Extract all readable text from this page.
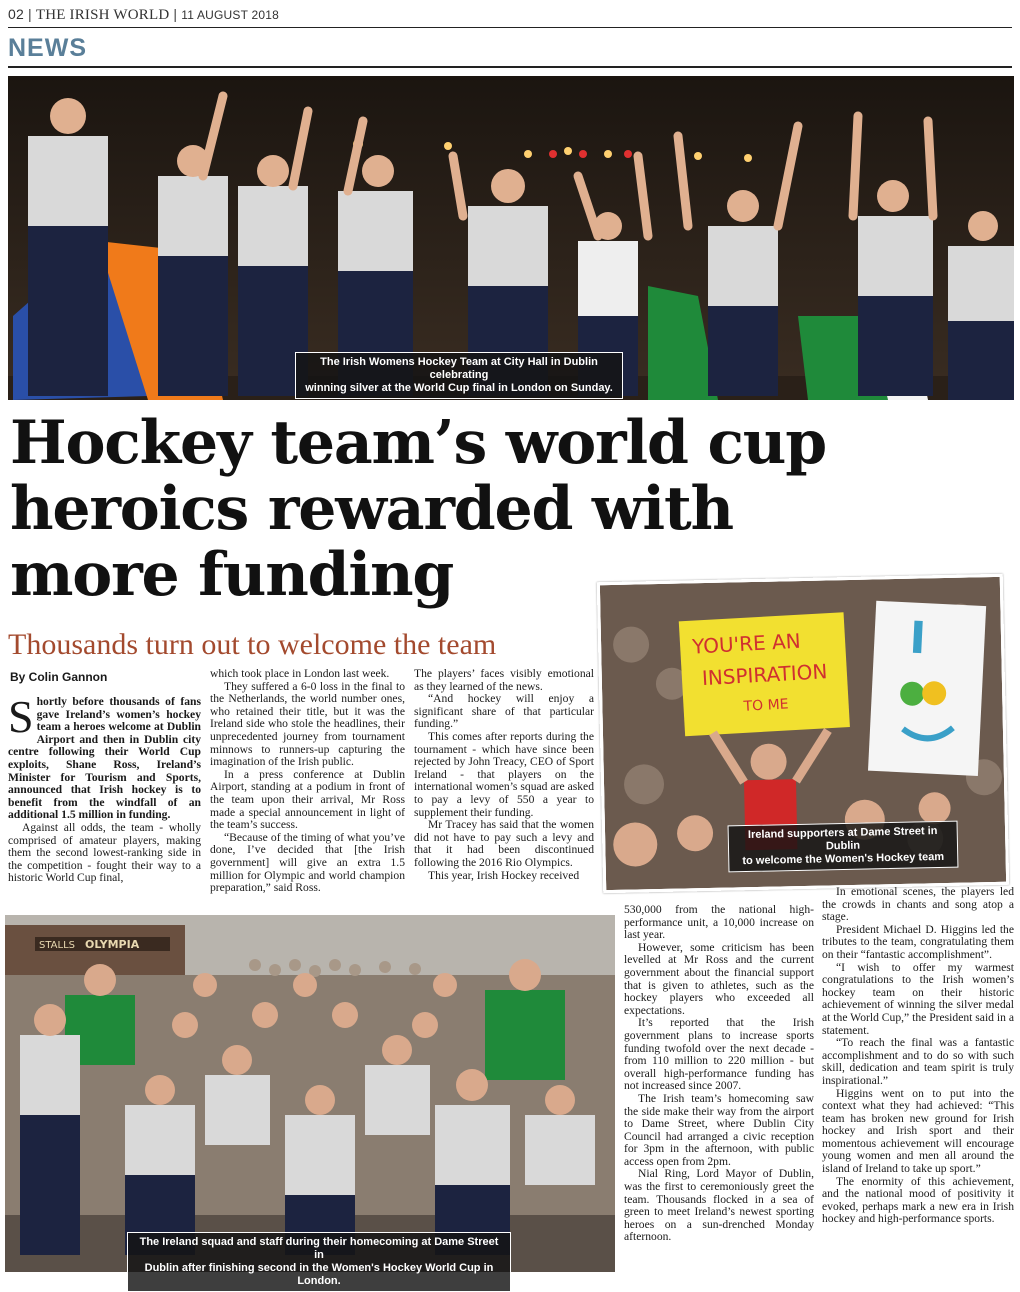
02 | THE IRISH WORLD | 11 AUGUST 2018
NEWS
The Irish Womens Hockey Team at City Hall in Dublin celebrating
winning silver at the World Cup final in London on Sunday.
Hockey team’s world cup
heroics rewarded with
more funding
Thousands turn out to welcome the team
By Colin Gannon
YOU'RE AN
INSPIRATION
TO ME
I
Ireland supporters at Dame Street in Dublin
to welcome the Women's Hockey team

Shortly before thousands of fans gave Ireland’s women’s hockey team a heroes welcome at Dublin Airport and then in Dublin city centre following their World Cup exploits, Shane Ross, Ireland’s Minister for Tourism and Sports, announced that Irish hockey is to benefit from the windfall of an additional 1.5 million in funding.

Against all odds, the team - wholly comprised of amateur players, making them the second lowest-ranking side in the competition - fought their way to a historic World Cup final,

which took place in London last week.

They suffered a 6-0 loss in the final to the Netherlands, the world number ones, who retained their title, but it was the Ireland side who stole the headlines, their unprecedented journey from tournament minnows to runners-up capturing the imagination of the Irish public.

In a press conference at Dublin Airport, standing at a podium in front of the team upon their arrival, Mr Ross made a special announcement in light of the team’s success.

“Because of the timing of what you’ve done, I’ve decided that [the Irish government] will give an extra 1.5 million for Olympic and world champion preparation,” said Ross.

The players’ faces visibly emotional as they learned of the news.

“And hockey will enjoy a significant share of that particular funding.”

This comes after reports during the tournament - which have since been rejected by John Treacy, CEO of Sport Ireland - that players on the international women’s squad are asked to pay a levy of 550 a year to supplement their funding.

Mr Tracey has said that the women did not have to pay such a levy and that it had been discontinued following the 2016 Rio Olympics.

This year, Irish Hockey received

STALLS OLYMPIA
The Ireland squad and staff during their homecoming at Dame Street in
Dublin after finishing second in the Women's Hockey World Cup in London.

530,000 from the national high-performance unit, a 10,000 increase on last year.

However, some criticism has been levelled at Mr Ross and the current government about the financial support that is given to athletes, such as the hockey players who exceeded all expectations.

It’s reported that the Irish government plans to increase sports funding twofold over the next decade - from 110 million to 220 million - but overall high-performance funding has not increased since 2007.

The Irish team’s homecoming saw the side make their way from the airport to Dame Street, where Dublin City Council had arranged a civic reception for 3pm in the afternoon, with public access open from 2pm.

Nial Ring, Lord Mayor of Dublin, was the first to ceremoniously greet the team. Thousands flocked in a sea of green to meet Ireland’s newest sporting heroes on a sun-drenched Monday afternoon.

In emotional scenes, the players led the crowds in chants and song atop a stage.

President Michael D. Higgins led the tributes to the team, congratulating them on their “fantastic accomplishment”.

“I wish to offer my warmest congratulations to the Irish women’s hockey team on their historic achievement of winning the silver medal at the World Cup,” the President said in a statement.

“To reach the final was a fantastic accomplishment and to do so with such skill, dedication and team spirit is truly inspirational.”

Higgins went on to put into the context what they had achieved: “This team has broken new ground for Irish hockey and Irish sport and their momentous achievement will encourage young women and men all around the island of Ireland to take up sport.”

The enormity of this achievement, and the national mood of positivity it evoked, perhaps mark a new era in Irish hockey and high-performance sports.
